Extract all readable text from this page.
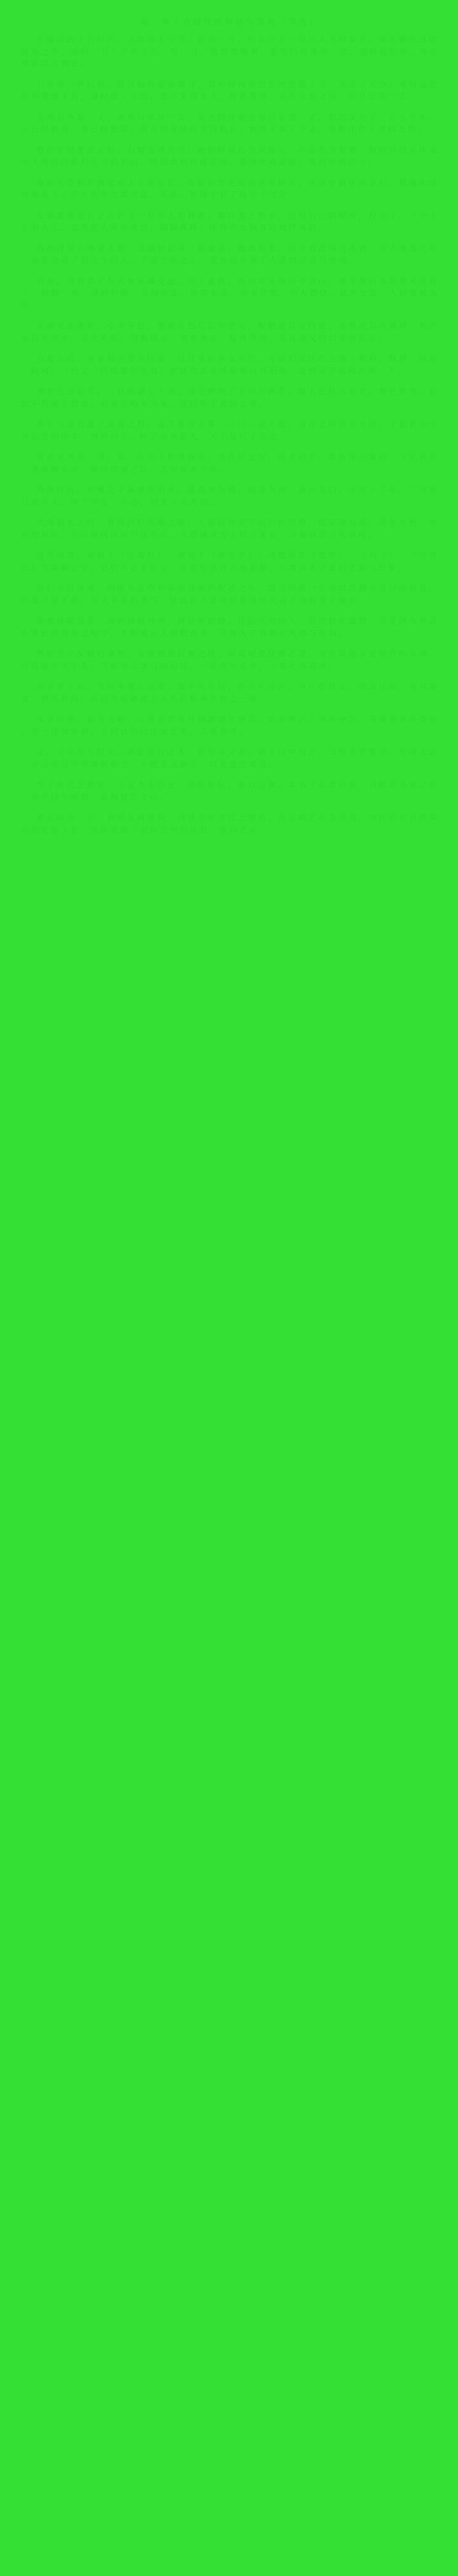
第 一 章 上 古 时 代 的 神 话 与 传 说 （ 节 选 ）

在 遥 远 的 上 古 时 代 ， 天 地 尚 未 分 明 ， 混 沌 一 片 。 传 说 中 有 一 位 巨 人 名 叫 盘 古 ， 他 沉 睡 在 这 团 混 沌 之 中 ， 历 经 一 万 八 千 年 之 久 。 有 一 日 ， 他 忽 然 醒 来 ， 发 觉 四 周 漆 黑 一 团 ， 便 抡 起 巨 斧 ， 向 着 黑 暗 猛 力 劈 去 。

只 听 得 一 声 巨 响 ， 混 沌 如 鸡 蛋 般 裂 开 ， 其 中 轻 而 清 的 东 西 缓 缓 上 升 ， 变 成 了 天 空 ； 重 而 浊 的 东 西 慢 慢 下 沉 ， 凝 结 成 了 大 地 。 盘 古 头 顶 着 天 ， 脚 踏 着 地 ， 站 在 天 地 之 间 ， 每 日 长 高 一 丈 。

天 每 日 升 高 一 丈 ， 地 每 日 加 厚 一 丈 ， 盘 古 的 身 躯 也 每 日 长 高 一 丈 。 如 此 又 过 了 一 万 八 千 年 ， 天 已 经 极 高 ， 地 已 经 极 厚 ， 盘 古 的 身 体 也 变 得 极 长 。 他 终 于 倒 了 下 去 ， 身 躯 化 作 了 世 间 万 物 。

他 的 左 眼 变 成 太 阳 ， 右 眼 变 成 月 亮 ； 他 的 呼 吸 化 为 风 和 云 ， 声 音 化 为 雷 霆 ； 他 的 四 肢 五 体 成 为 大 地 的 四 极 和 五 方 的 名 山 ； 他 的 血 液 化 成 江 河 ， 筋 脉 化 成 道 路 ， 肌 肉 化 成 田 土 。

他 的 头 发 和 胡 须 化 成 天 上 的 星 辰 ， 皮 肤 和 汗 毛 化 成 花 草 树 木 ， 牙 齿 骨 骼 化 成 金 石 ， 精 髓 化 成 珍 珠 美 玉 ， 汗 水 化 作 雨 露 甘 霖 。 从 此 ， 世 间 才 有 了 这 万 千 气 象 。

女 娲 是 继 盘 古 之 后 的 又 一 位 伟 大 的 神 祇 。 她 以 黄 土 和 水 ， 仿 照 自 己 的 模 样 ， 捏 出 了 一 个 个 小 小 的 人 儿 。 这 些 泥 人 落 地 便 活 ， 蹦 蹦 跳 跳 ， 围 绕 在 女 娲 身 边 欢 呼 雀 跃 。

然 而 捏 泥 人 毕 竟 太 慢 ， 女 娲 便 取 来 一 根 藤 条 ， 蘸 满 泥 浆 ， 向 着 地 面 用 力 挥 洒 。 泥 点 溅 落 之 处 ， 也 都 变 成 了 活 生 生 的 人 。 于 是 大 地 之 上 ， 很 快 就 布 满 了 人 类 的 足 迹 与 炊 烟 。

后 来 ， 水 神 共 工 与 火 神 祝 融 交 战 ， 共 工 战 败 ， 怒 而 以 头 撞 向 不 周 山 。 那 不 周 山 本 是 撑 天 的 柱 子 ， 被 他 一 撞 ， 登 时 折 断 。 天 倾 西 北 ， 地 陷 东 南 ， 洪 水 泛 滥 ， 烈 火 燃 烧 ， 猛 兽 出 没 ， 人 民 流 离 失 所 。

女 娲 见 此 惨 状 ， 心 中 不 忍 ， 便 炼 五 色 石 以 补 苍 天 ， 断 鳌 足 以 立 四 极 ， 杀 黑 龙 以 济 冀 州 ， 积 芦 灰 以 止 淫 水 。 苍 天 补 好 ， 四 极 端 正 ， 洪 水 退 去 ， 猛 兽 敛 迹 ， 人 民 重 又 得 以 安 居 乐 业 。

自 此 之 后 ， 春 夏 秋 冬 循 环 往 复 ， 日 月 星 辰 各 安 其 位 。 先 民 们 在 这 片 土 地 上 耕 种 、 狩 猎 、 筑 屋 、 结 网 ， 一 代 又 一 代 地 繁 衍 生 息 ， 把 这 些 古 老 的 故 事 口 耳 相 传 ， 直 到 文 字 出 现 的 那 一 天 。

神 农 氏 尝 百 草 ， 一 日 而 遇 七 十 毒 ， 终 于 辨 明 了 五 谷 与 药 草 。 燧 人 氏 钻 木 取 火 ， 教 民 熟 食 ， 自 此 不 再 茹 毛 饮 血 。 有 巢 氏 构 木 为 巢 ， 使 民 免 于 禽 兽 之 害 。

黄 帝 与 蚩 尤 战 于 涿 鹿 之 野 。 蚩 尤 能 作 大 雾 ， 三 日 三 夜 不 散 ， 黄 帝 之 师 迷 失 方 向 。 于 是 黄 帝 令 风 后 造 指 南 车 ， 辨 明 四 方 ， 终 于 擒 杀 蚩 尤 ， 天 下 复 归 于 安 定 。

其 后 又 有 尧 、 舜 、 禹 三 位 圣 王 相 继 而 出 。 尧 在 位 之 时 ， 洪 水 滔 天 ， 浩 浩 怀 山 襄 陵 ， 下 民 其 咨 。 尧 命 鲧 治 水 ， 鲧 用 堵 塞 之 法 ， 九 年 而 水 不 息 。

舜 继 位 后 ， 命 鲧 之 子 禹 继 续 治 水 。 禹 改 堵 为 疏 ， 疏 通 九 河 ， 凿 开 龙 门 ， 历 时 十 三 年 ， 三 过 家 门 而 不 入 ， 终 于 平 定 了 水 患 ， 划 天 下 为 九 州 。

大 禹 治 水 之 时 ， 曾 得 河 伯 所 献 之 图 ， 上 面 绘 有 天 下 山 川 的 形 势 。 他 又 铸 九 鼎 ， 象 征 九 州 ， 使 民 知 神 奸 ， 入 山 林 川 泽 而 不 逢 不 若 。 九 鼎 遂 成 为 王 权 之 象 征 ， 历 夏 商 周 三 代 而 传 。

这 些 故 事 ， 或 载 于 《 山 海 经 》 ， 或 见 于 《 淮 南 子 》 ， 或 散 落 在 《 楚 辞 》 、 《 列 子 》 、 《 述 异 记 》 等 典 籍 之 中 。 它 们 未 必 是 信 史 ， 却 是 先 民 对 天 地 起 源 、 人 类 由 来 的 最 初 思 索 与 想 象 。

我 们 今 日 读 来 ， 仍 能 从 这 些 朴 素 而 瑰 丽 的 叙 述 之 中 ， 感 受 到 那 一 份 面 对 浩 瀚 宇 宙 时 的 敬 畏 ， 以 及 不 屈 不 挠 、 与 天 争 命 的 勇 气 。 这 或 许 正 是 神 话 传 说 历 久 而 不 衰 的 真 正 缘 由 。

需 要 说 明 的 是 ， 各 种 典 籍 对 同 一 神 话 的 记 载 ， 往 往 互 有 出 入 ， 甚 至 彼 此 抵 牾 。 这 是 因 为 神 话 在 漫 长 的 流 传 过 程 中 ， 不 断 被 后 人 增 删 改 易 ， 并 掺 入 了 各 地 的 风 俗 与 信 仰 。

例 如 关 于 女 娲 的 身 份 ， 有 说 她 是 伏 羲 之 妹 ， 有 说 她 是 伏 羲 之 妻 ， 亦 有 说 她 本 是 独 立 的 大 神 ， 与 伏 羲 并 无 干 系 。 又 如 夸 父 逐 日 的 结 局 ， 一 说 渴 死 道 中 ， 一 说 化 为 邓 林 。

治 学 者 于 此 ， 当 持 审 慎 之 态 度 ， 既 不 可 尽 信 ， 亦 不 可 尽 弃 。 当 广 搜 异 文 ， 细 加 比 勘 ， 考 其 源 流 ， 辨 其 异 同 ， 而 后 方 能 略 窥 上 古 先 民 精 神 世 界 之 一 斑 。

本 章 所 述 ， 仅 为 大 略 。 后 续 各 章 将 分 别 就 创 世 神 话 、 始 祖 神 话 、 洪 水 神 话 、 英 雄 神 话 等 类 别 ， 逐 一 详 加 论 列 ， 并 附 以 历 代 注 家 之 说 ， 以 备 参 考 。

又 ， 文 中 所 引 原 文 ， 悉 依 通 行 之 本 ， 其 有 异 文 者 ， 则 于 注 中 出 之 ， 以 便 读 者 覆 按 。 所 用 术 语 ， 亦 力 求 与 学 界 通 例 相 合 ， 不 敢 妄 立 新 名 ， 以 免 滋 生 淆 乱 。

至 于 年 代 之 推 定 ， 上 古 本 无 信 史 ， 诸 说 纷 纭 ， 难 以 定 谳 。 本 书 于 此 类 问 题 ， 只 陈 述 各 家 之 说 ， 而 不 轻 下 断 语 ， 盖 阙 疑 之 义 也 。

最 后 尚 须 一 言 ： 神 话 虽 属 虚 构 ， 而 其 中 所 寄 托 之 理 想 、 所 反 映 之 社 会 形 态 ， 则 往 往 有 其 真 实 的 历 史 影 子 在 。 善 读 者 能 于 虚 构 之 中 见 其 真 ， 斯 得 之 矣 。
